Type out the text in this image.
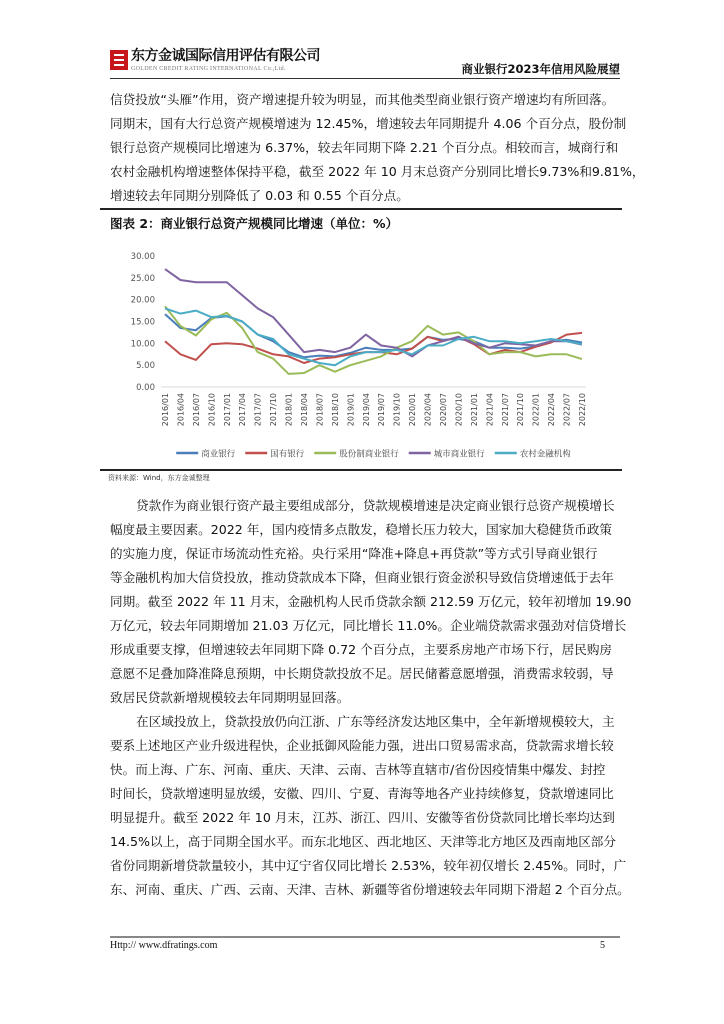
东方金诚国际信用评估有限公司
GOLDEN CREDIT RATING INTERNATIONAL Co.,Ltd.	商业银行2023年信用风险展望
信贷投放“头雁”作用，资产增速提升较为明显，而其他类型商业银行资产增速均有所回落。
同期末，国有大行总资产规模增速为 12.45%，增速较去年同期提升 4.06 个百分点，股份制
银行总资产规模同比增速为 6.37%，较去年同期下降 2.21 个百分点。相较而言，城商行和
农村金融机构增速整体保持平稳，截至 2022 年 10 月末总资产分别同比增长9.73%和9.81%，
增速较去年同期分别降低了 0.03 和 0.55 个百分点。
图表 2：商业银行总资产规模同比增速（单位：%）
0.00
5.00
10.00
15.00
20.00
25.00
30.00
2016/01 2016/04 2016/07 2016/10 2017/01 2017/04 2017/07 2017/10 2018/01 2018/04 2018/07 2018/10 2019/01 2019/04 2019/07 2019/10 2020/01 2020/04 2020/07 2020/10 2021/01 2021/04 2021/07 2021/10 2022/01 2022/04 2022/07 2022/10
商业银行	国有银行	股份制商业银行	城市商业银行	农村金融机构
资料来源：Wind，东方金诚整理
贷款作为商业银行资产最主要组成部分，贷款规模增速是决定商业银行总资产规模增长
幅度最主要因素。2022 年，国内疫情多点散发，稳增长压力较大，国家加大稳健货币政策
的实施力度，保证市场流动性充裕。央行采用“降准+降息+再贷款”等方式引导商业银行
等金融机构加大信贷投放，推动贷款成本下降，但商业银行资金淤积导致信贷增速低于去年
同期。截至 2022 年 11 月末，金融机构人民币贷款余额 212.59 万亿元，较年初增加 19.90
万亿元，较去年同期增加 21.03 万亿元，同比增长 11.0%。企业端贷款需求强劲对信贷增长
形成重要支撑，但增速较去年同期下降 0.72 个百分点，主要系房地产市场下行，居民购房
意愿不足叠加降准降息预期，中长期贷款投放不足。居民储蓄意愿增强，消费需求较弱，导
致居民贷款新增规模较去年同期明显回落。
在区域投放上，贷款投放仍向江浙、广东等经济发达地区集中，全年新增规模较大，主
要系上述地区产业升级进程快，企业抵御风险能力强，进出口贸易需求高，贷款需求增长较
快。而上海、广东、河南、重庆、天津、云南、吉林等直辖市/省份因疫情集中爆发、封控
时间长，贷款增速明显放缓，安徽、四川、宁夏、青海等地各产业持续修复，贷款增速同比
明显提升。截至 2022 年 10 月末，江苏、浙江、四川、安徽等省份贷款同比增长率均达到
14.5%以上，高于同期全国水平。而东北地区、西北地区、天津等北方地区及西南地区部分
省份同期新增贷款量较小，其中辽宁省仅同比增长 2.53%，较年初仅增长 2.45%。同时，广
东、河南、重庆、广西、云南、天津、吉林、新疆等省份增速较去年同期下滑超 2 个百分点。
Http:// www.dfratings.com	5
